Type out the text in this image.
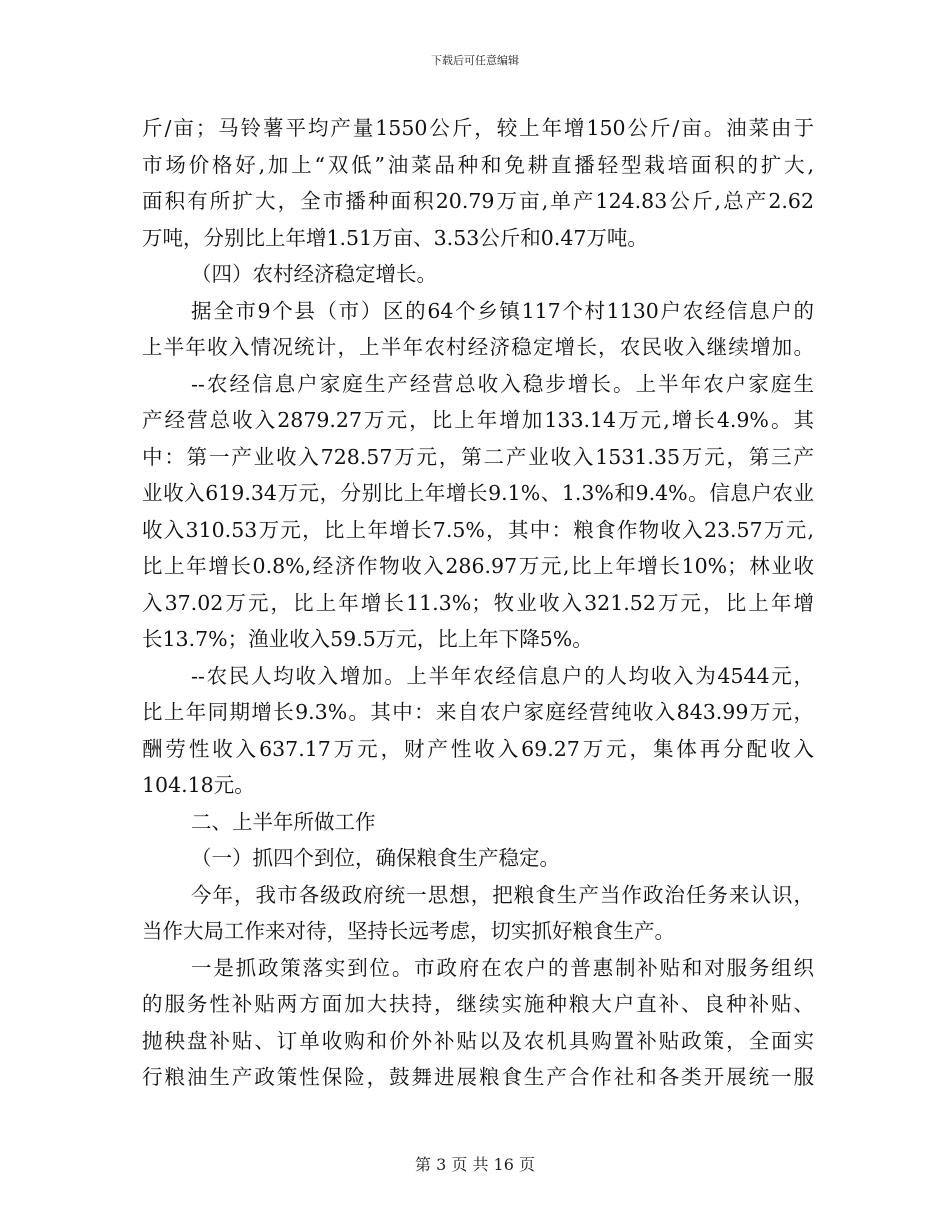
下载后可任意编辑
斤/亩；马铃薯平均产量1550公斤，较上年增150公斤/亩。油菜由于
市场价格好,加上“双低”油菜品种和免耕直播轻型栽培面积的扩大,
面积有所扩大，全市播种面积20.79万亩,单产124.83公斤,总产2.62
万吨，分别比上年增1.51万亩、3.53公斤和0.47万吨。
（四）农村经济稳定增长。
据全市9个县（市）区的64个乡镇117个村1130户农经信息户的
上半年收入情况统计，上半年农村经济稳定增长，农民收入继续增加。
--农经信息户家庭生产经营总收入稳步增长。上半年农户家庭生
产经营总收入2879.27万元，比上年增加133.14万元,增长4.9%。其
中：第一产业收入728.57万元，第二产业收入1531.35万元，第三产
业收入619.34万元，分别比上年增长9.1%、1.3%和9.4%。信息户农业
收入310.53万元，比上年增长7.5%，其中：粮食作物收入23.57万元,
比上年增长0.8%,经济作物收入286.97万元,比上年增长10%；林业收
入37.02万元，比上年增长11.3%；牧业收入321.52万元，比上年增
长13.7%；渔业收入59.5万元，比上年下降5%。
--农民人均收入增加。上半年农经信息户的人均收入为4544元，
比上年同期增长9.3%。其中：来自农户家庭经营纯收入843.99万元，
酬劳性收入637.17万元，财产性收入69.27万元，集体再分配收入
104.18元。
二、上半年所做工作
（一）抓四个到位，确保粮食生产稳定。
今年，我市各级政府统一思想，把粮食生产当作政治任务来认识，
当作大局工作来对待，坚持长远考虑，切实抓好粮食生产。
一是抓政策落实到位。市政府在农户的普惠制补贴和对服务组织
的服务性补贴两方面加大扶持，继续实施种粮大户直补、良种补贴、
抛秧盘补贴、订单收购和价外补贴以及农机具购置补贴政策，全面实
行粮油生产政策性保险，鼓舞进展粮食生产合作社和各类开展统一服
第 3 页 共 16 页
